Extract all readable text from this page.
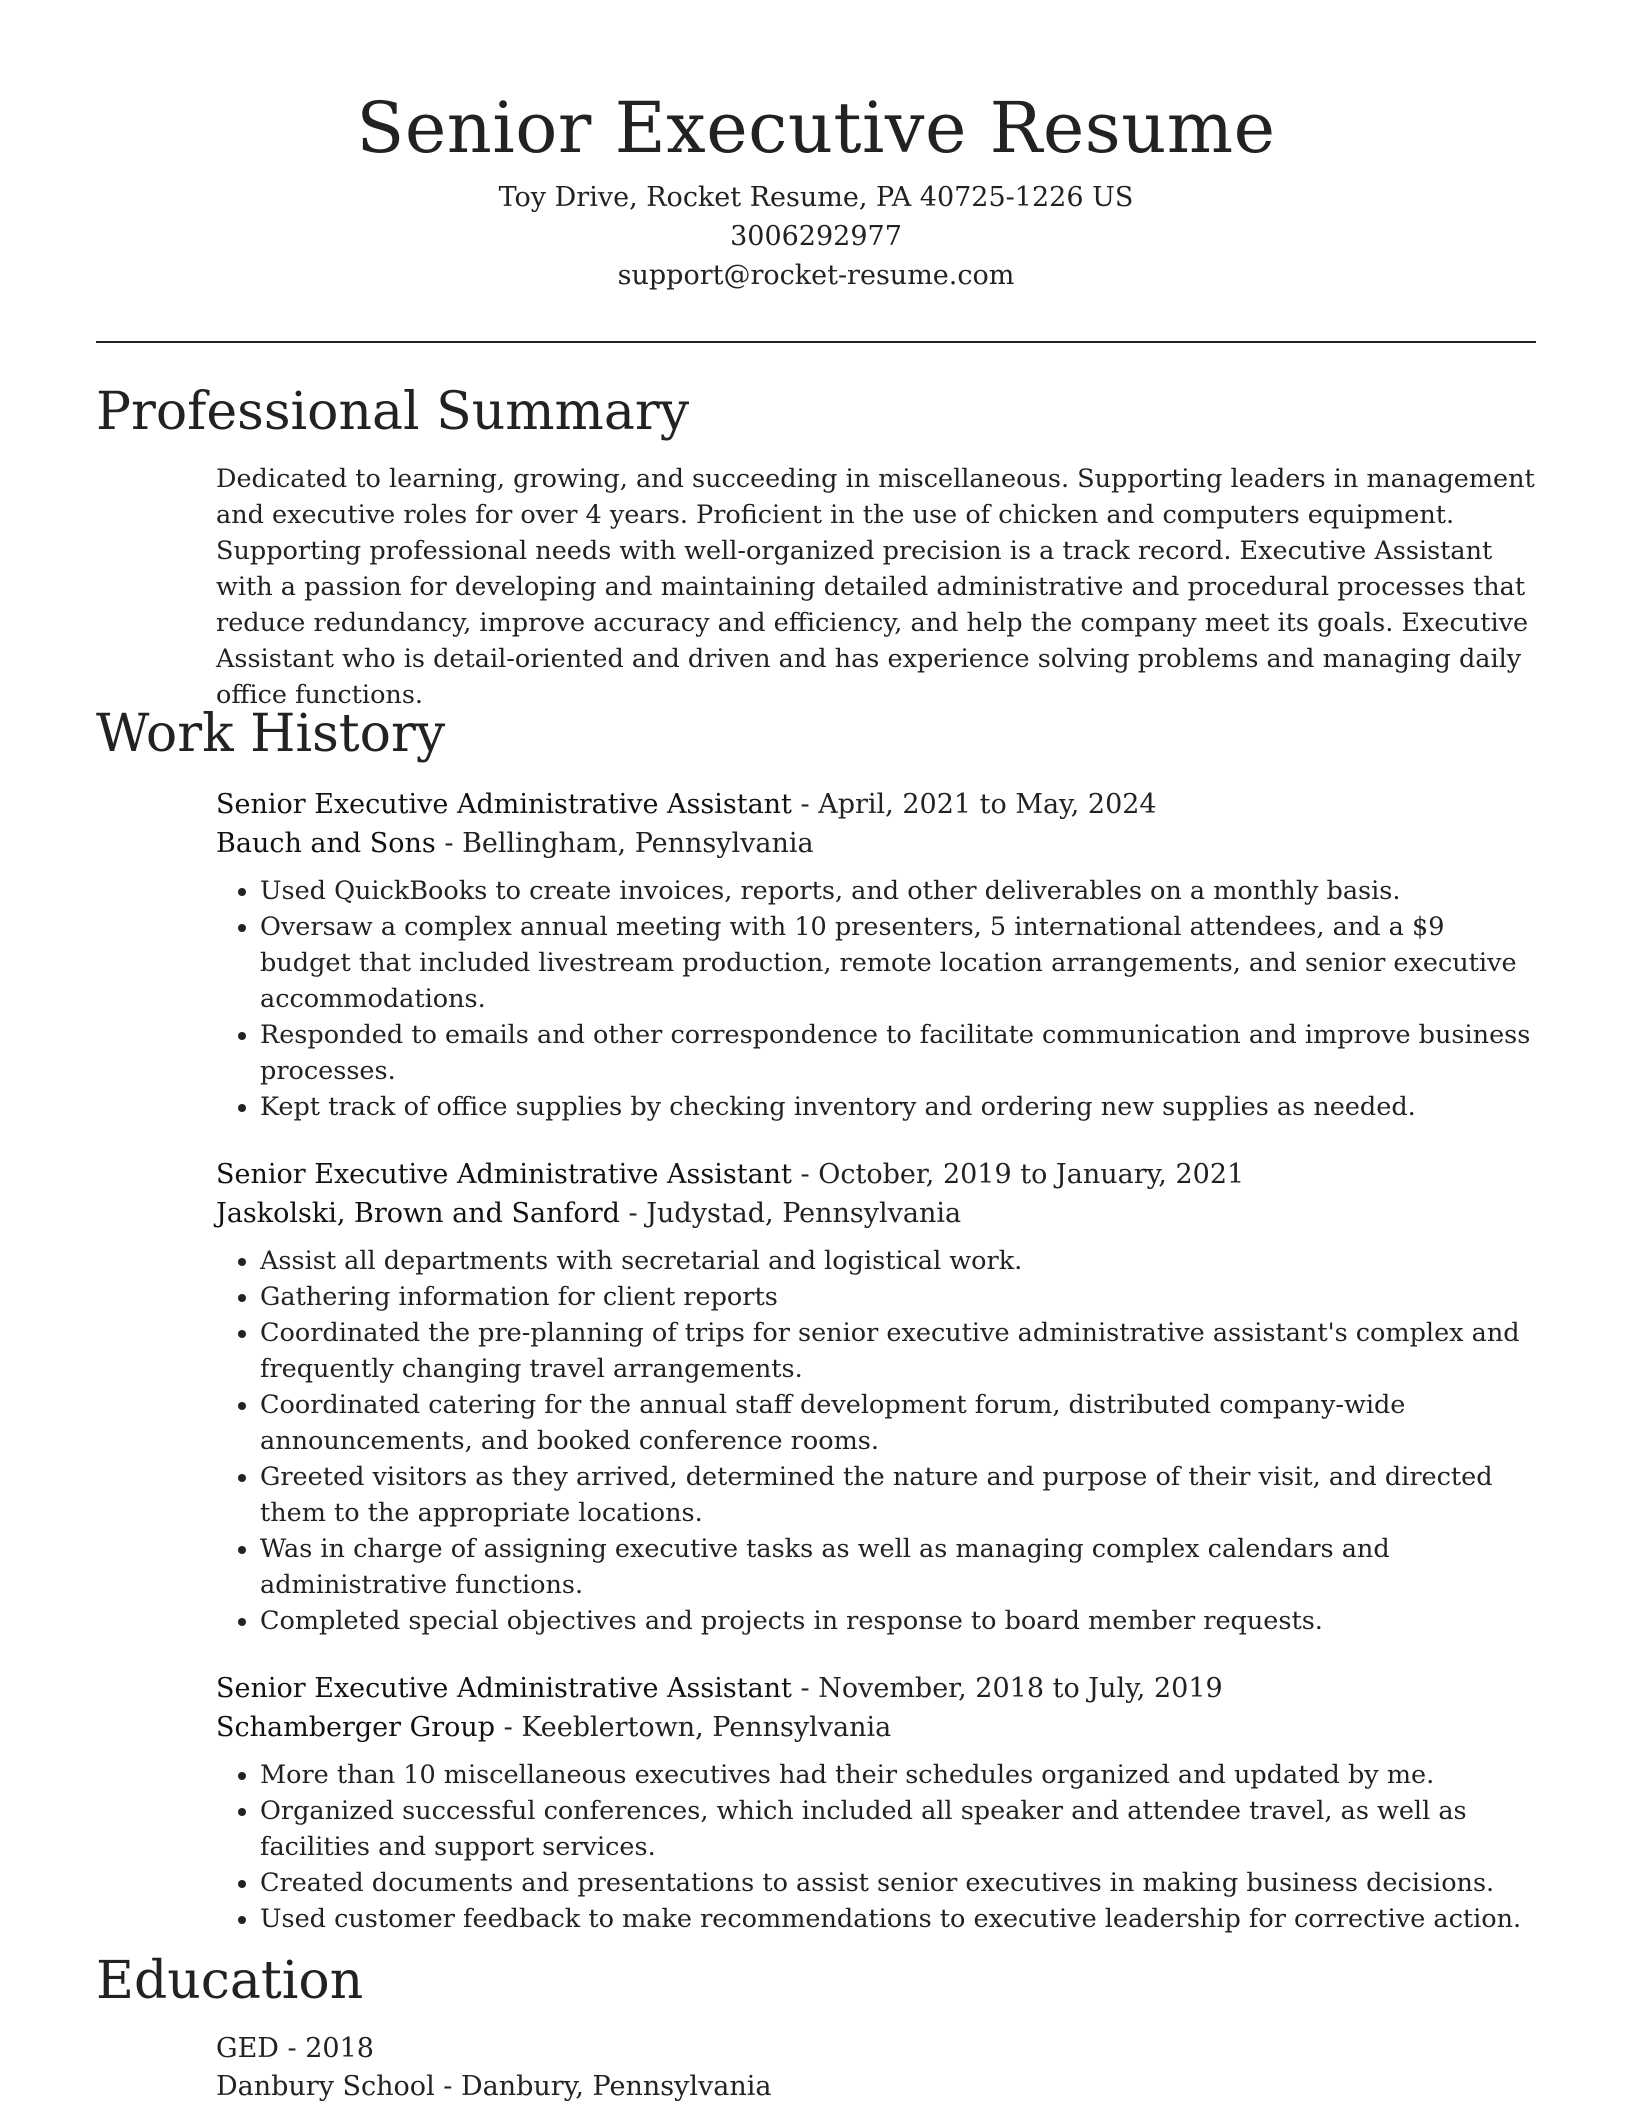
Senior Executive Resume
Toy Drive, Rocket Resume, PA 40725-1226 US
3006292977
support@rocket-resume.com
Professional Summary

Dedicated to learning, growing, and succeeding in miscellaneous. Supporting leaders in management and executive roles for over 4 years. Proficient in the use of chicken and computers equipment. Supporting professional needs with well-organized precision is a track record. Executive Assistant with a passion for developing and maintaining detailed administrative and procedural processes that reduce redundancy, improve accuracy and efficiency, and help the company meet its goals. Executive Assistant who is detail-oriented and driven and has experience solving problems and managing daily office functions.

Work History
Senior Executive Administrative Assistant - April, 2021 to May, 2024
Bauch and Sons - Bellingham, Pennsylvania
• Used QuickBooks to create invoices, reports, and other deliverables on a monthly basis.
• Oversaw a complex annual meeting with 10 presenters, 5 international attendees, and a $9 budget that included livestream production, remote location arrangements, and senior executive accommodations.
• Responded to emails and other correspondence to facilitate communication and improve business processes.
• Kept track of office supplies by checking inventory and ordering new supplies as needed.
Senior Executive Administrative Assistant - October, 2019 to January, 2021
Jaskolski, Brown and Sanford - Judystad, Pennsylvania
• Assist all departments with secretarial and logistical work.
• Gathering information for client reports
• Coordinated the pre-planning of trips for senior executive administrative assistant's complex and frequently changing travel arrangements.
• Coordinated catering for the annual staff development forum, distributed company-wide announcements, and booked conference rooms.
• Greeted visitors as they arrived, determined the nature and purpose of their visit, and directed them to the appropriate locations.
• Was in charge of assigning executive tasks as well as managing complex calendars and administrative functions.
• Completed special objectives and projects in response to board member requests.
Senior Executive Administrative Assistant - November, 2018 to July, 2019
Schamberger Group - Keeblertown, Pennsylvania
• More than 10 miscellaneous executives had their schedules organized and updated by me.
• Organized successful conferences, which included all speaker and attendee travel, as well as facilities and support services.
• Created documents and presentations to assist senior executives in making business decisions.
• Used customer feedback to make recommendations to executive leadership for corrective action.
Education
GED - 2018
Danbury School - Danbury, Pennsylvania
